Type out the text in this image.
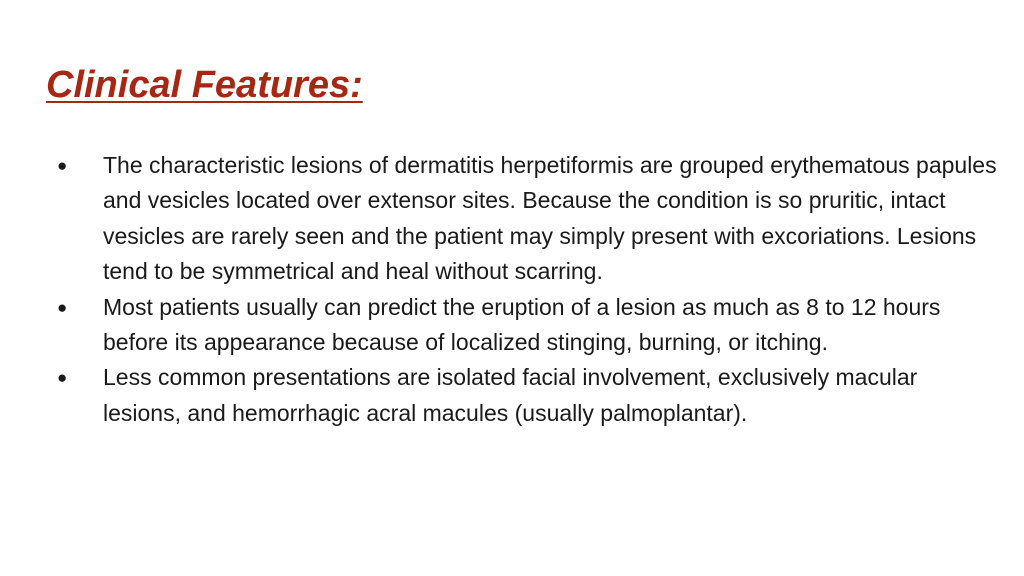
Clinical Features:
● The characteristic lesions of dermatitis herpetiformis are grouped erythematous papules and vesicles located over extensor sites. Because the condition is so pruritic, intact vesicles are rarely seen and the patient may simply present with excoriations. Lesions tend to be symmetrical and heal without scarring.
● Most patients usually can predict the eruption of a lesion as much as 8 to 12 hours before its appearance because of localized stinging, burning, or itching.
● Less common presentations are isolated facial involvement, exclusively macular lesions, and hemorrhagic acral macules (usually palmoplantar).
